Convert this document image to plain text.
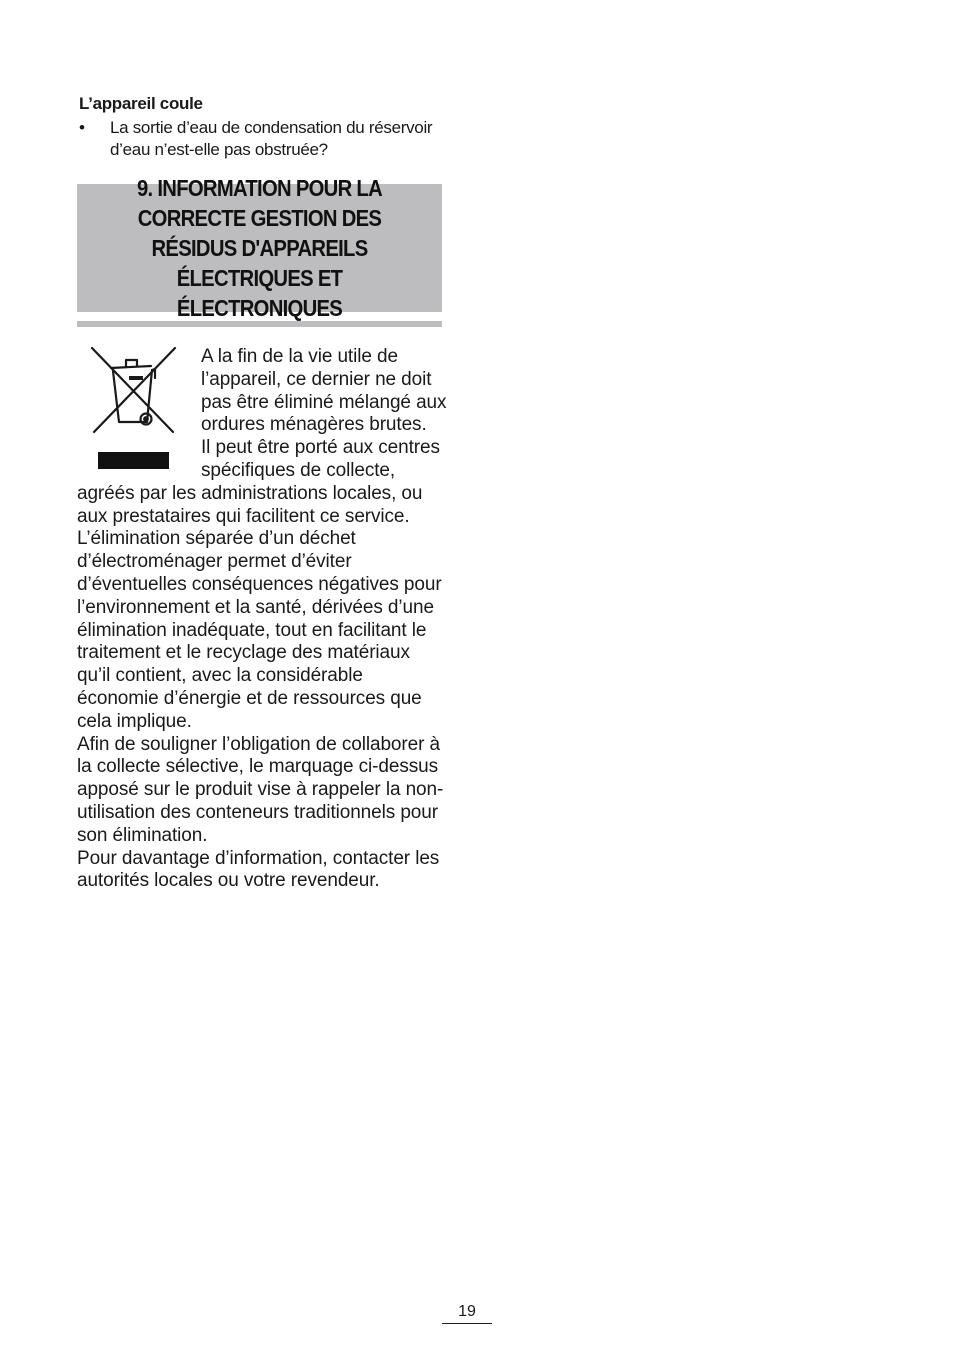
L’appareil coule
• La sortie d’eau de condensation du réservoir d’eau n’est-elle pas obstruée?
9. INFORMATION POUR LA CORRECTE GESTION DES RÉSIDUS D'APPAREILS ÉLECTRIQUES ET ÉLECTRONIQUES

A la fin de la vie utile de l’appareil, ce dernier ne doit pas être éliminé mélangé aux ordures ménagères brutes.

Il peut être porté aux centres spécifiques de collecte, agréés par les administrations locales, ou aux prestataires qui facilitent ce service.

L’élimination séparée d’un déchet d’électroménager permet d’éviter d’éventuelles conséquences négatives pour l’environnement et la santé, dérivées d’une élimination inadéquate, tout en facilitant le traitement et le recyclage des matériaux qu’il contient, avec la considérable économie d’énergie et de ressources que cela implique.

Afin de souligner l’obligation de collaborer à la collecte sélective, le marquage ci-dessus apposé sur le produit vise à rappeler la non-utilisation des conteneurs traditionnels pour son élimination.

Pour davantage d’information, contacter les autorités locales ou votre revendeur.

19
